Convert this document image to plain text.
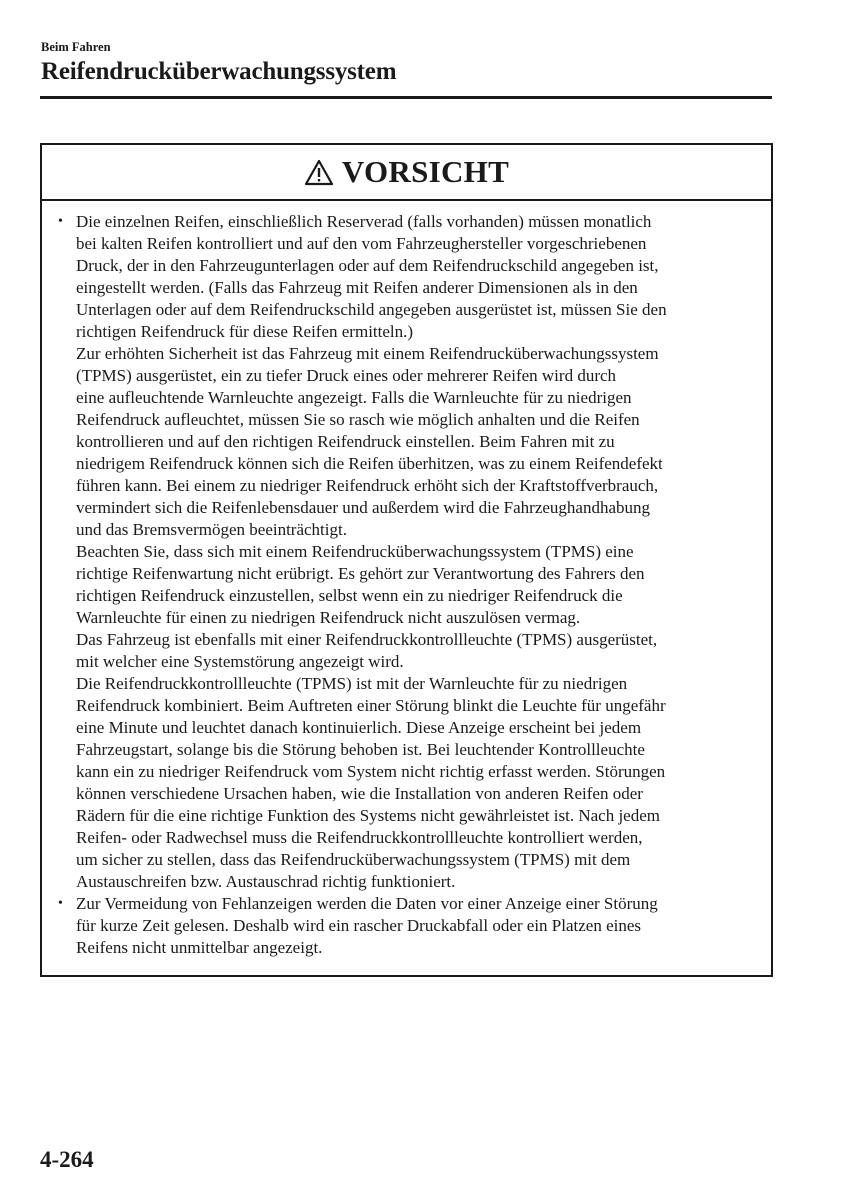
Beim Fahren
Reifendrucküberwachungssystem
VORSICHT
• Die einzelnen Reifen, einschließlich Reserverad (falls vorhanden) müssen monatlich
bei kalten Reifen kontrolliert und auf den vom Fahrzeughersteller vorgeschriebenen
Druck, der in den Fahrzeugunterlagen oder auf dem Reifendruckschild angegeben ist,
eingestellt werden. (Falls das Fahrzeug mit Reifen anderer Dimensionen als in den
Unterlagen oder auf dem Reifendruckschild angegeben ausgerüstet ist, müssen Sie den
richtigen Reifendruck für diese Reifen ermitteln.)
Zur erhöhten Sicherheit ist das Fahrzeug mit einem Reifendrucküberwachungssystem
(TPMS) ausgerüstet, ein zu tiefer Druck eines oder mehrerer Reifen wird durch
eine aufleuchtende Warnleuchte angezeigt. Falls die Warnleuchte für zu niedrigen
Reifendruck aufleuchtet, müssen Sie so rasch wie möglich anhalten und die Reifen
kontrollieren und auf den richtigen Reifendruck einstellen. Beim Fahren mit zu
niedrigem Reifendruck können sich die Reifen überhitzen, was zu einem Reifendefekt
führen kann. Bei einem zu niedriger Reifendruck erhöht sich der Kraftstoffverbrauch,
vermindert sich die Reifenlebensdauer und außerdem wird die Fahrzeughandhabung
und das Bremsvermögen beeinträchtigt.
Beachten Sie, dass sich mit einem Reifendrucküberwachungssystem (TPMS) eine
richtige Reifenwartung nicht erübrigt. Es gehört zur Verantwortung des Fahrers den
richtigen Reifendruck einzustellen, selbst wenn ein zu niedriger Reifendruck die
Warnleuchte für einen zu niedrigen Reifendruck nicht auszulösen vermag.
Das Fahrzeug ist ebenfalls mit einer Reifendruckkontrollleuchte (TPMS) ausgerüstet,
mit welcher eine Systemstörung angezeigt wird.
Die Reifendruckkontrollleuchte (TPMS) ist mit der Warnleuchte für zu niedrigen
Reifendruck kombiniert. Beim Auftreten einer Störung blinkt die Leuchte für ungefähr
eine Minute und leuchtet danach kontinuierlich. Diese Anzeige erscheint bei jedem
Fahrzeugstart, solange bis die Störung behoben ist. Bei leuchtender Kontrollleuchte
kann ein zu niedriger Reifendruck vom System nicht richtig erfasst werden. Störungen
können verschiedene Ursachen haben, wie die Installation von anderen Reifen oder
Rädern für die eine richtige Funktion des Systems nicht gewährleistet ist. Nach jedem
Reifen- oder Radwechsel muss die Reifendruckkontrollleuchte kontrolliert werden,
um sicher zu stellen, dass das Reifendrucküberwachungssystem (TPMS) mit dem
Austauschreifen bzw. Austauschrad richtig funktioniert.
• Zur Vermeidung von Fehlanzeigen werden die Daten vor einer Anzeige einer Störung
für kurze Zeit gelesen. Deshalb wird ein rascher Druckabfall oder ein Platzen eines
Reifens nicht unmittelbar angezeigt.
4-264
